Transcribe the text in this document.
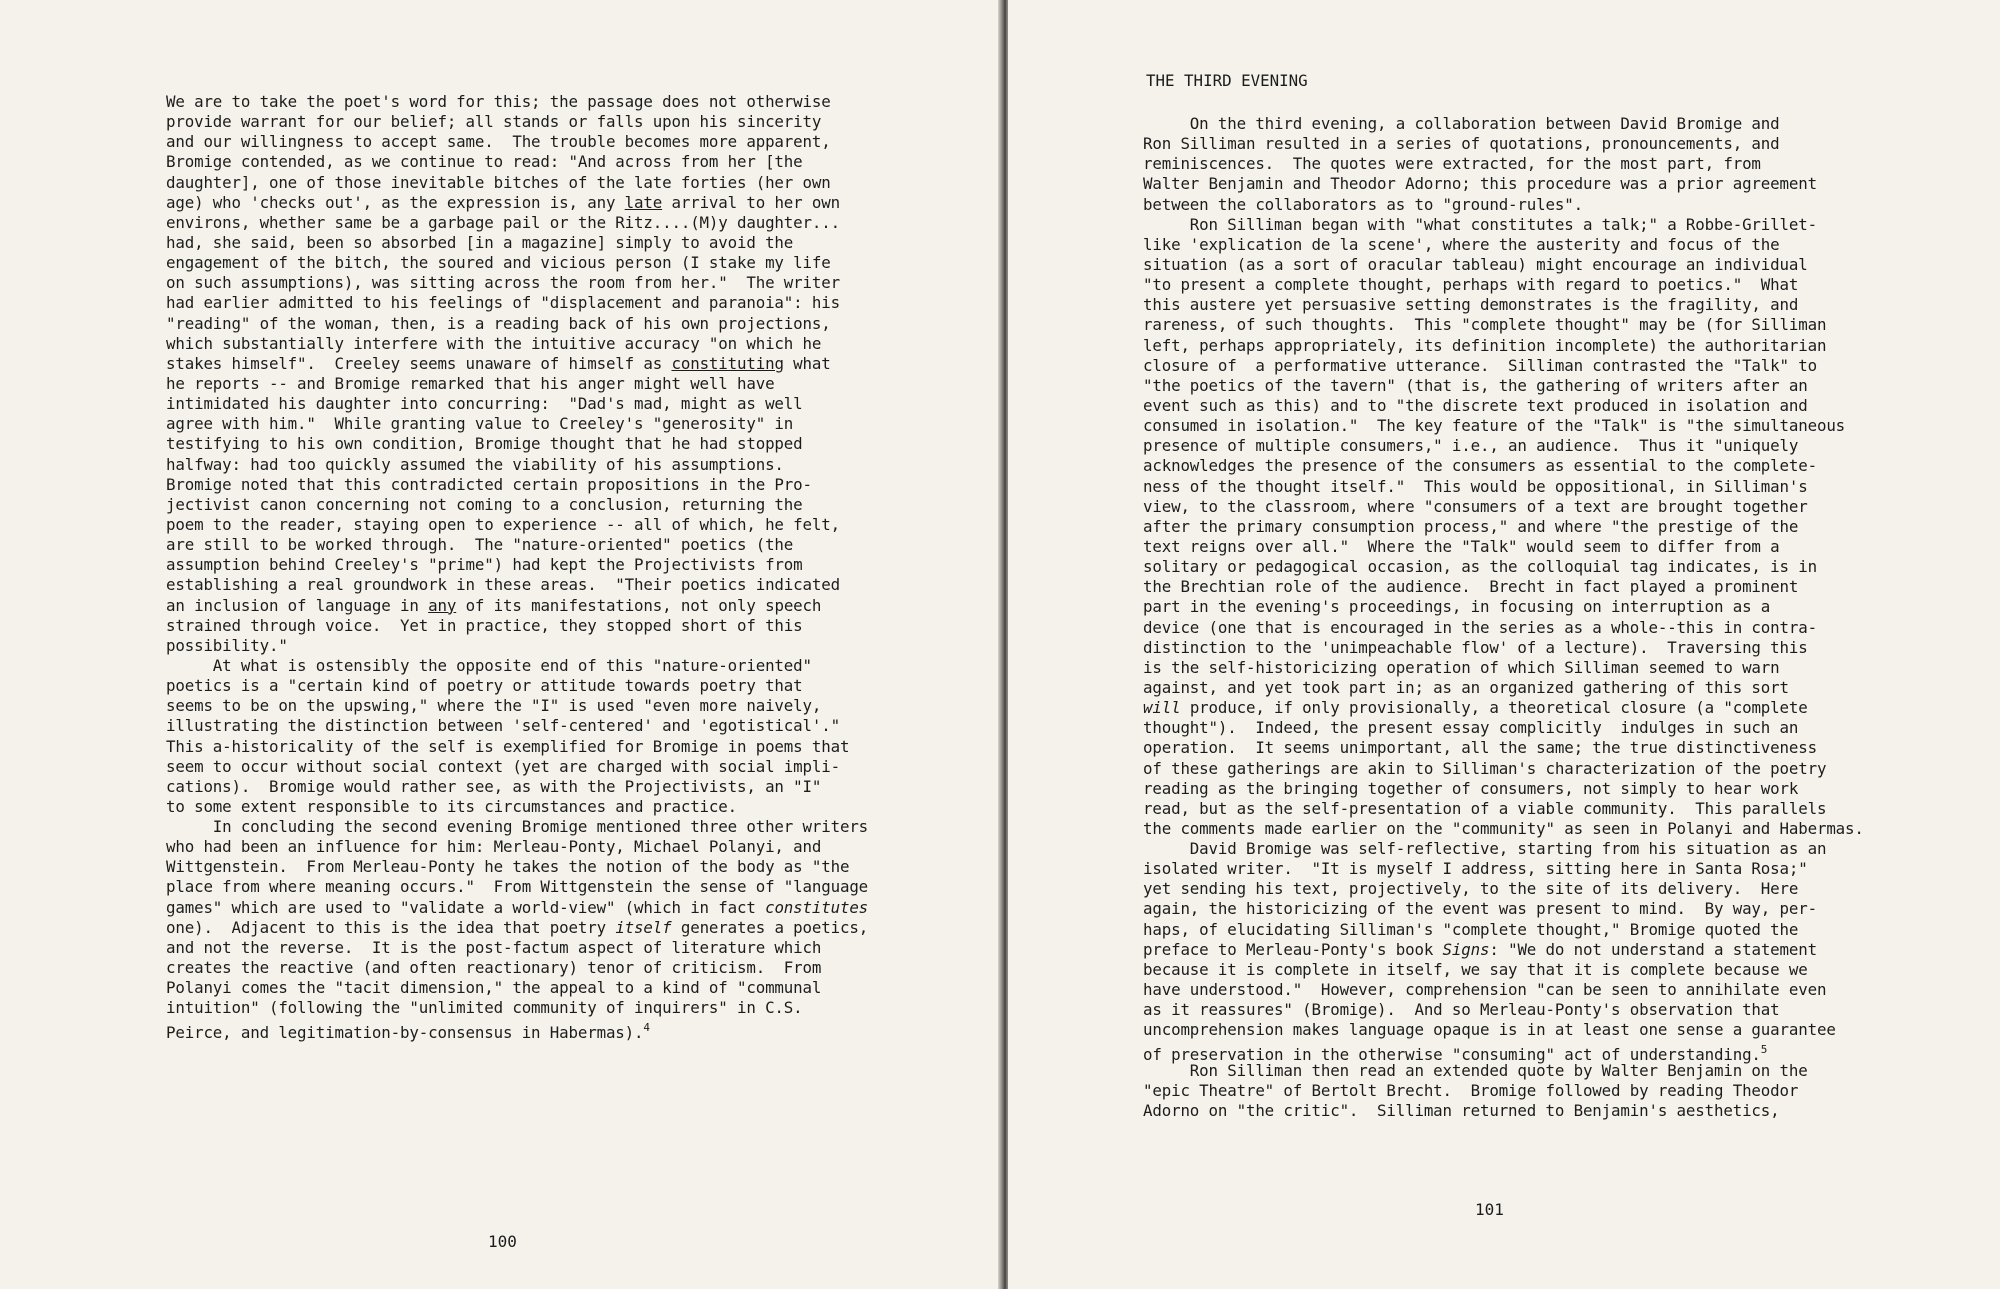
We are to take the poet's word for this; the passage does not otherwise
provide warrant for our belief; all stands or falls upon his sincerity
and our willingness to accept same.  The trouble becomes more apparent,
Bromige contended, as we continue to read: "And across from her [the
daughter], one of those inevitable bitches of the late forties (her own
age) who 'checks out', as the expression is, any late arrival to her own
environs, whether same be a garbage pail or the Ritz....(M)y daughter...
had, she said, been so absorbed [in a magazine] simply to avoid the
engagement of the bitch, the soured and vicious person (I stake my life
on such assumptions), was sitting across the room from her."  The writer
had earlier admitted to his feelings of "displacement and paranoia": his
"reading" of the woman, then, is a reading back of his own projections,
which substantially interfere with the intuitive accuracy "on which he
stakes himself".  Creeley seems unaware of himself as constituting what
he reports -- and Bromige remarked that his anger might well have
intimidated his daughter into concurring:  "Dad's mad, might as well
agree with him."  While granting value to Creeley's "generosity" in
testifying to his own condition, Bromige thought that he had stopped
halfway: had too quickly assumed the viability of his assumptions.
Bromige noted that this contradicted certain propositions in the Pro-
jectivist canon concerning not coming to a conclusion, returning the
poem to the reader, staying open to experience -- all of which, he felt,
are still to be worked through.  The "nature-oriented" poetics (the
assumption behind Creeley's "prime") had kept the Projectivists from
establishing a real groundwork in these areas.  "Their poetics indicated
an inclusion of language in any of its manifestations, not only speech
strained through voice.  Yet in practice, they stopped short of this
possibility."
At what is ostensibly the opposite end of this "nature-oriented"
poetics is a "certain kind of poetry or attitude towards poetry that
seems to be on the upswing," where the "I" is used "even more naively,
illustrating the distinction between 'self-centered' and 'egotistical'."
This a-historicality of the self is exemplified for Bromige in poems that
seem to occur without social context (yet are charged with social impli-
cations).  Bromige would rather see, as with the Projectivists, an "I"
to some extent responsible to its circumstances and practice.
In concluding the second evening Bromige mentioned three other writers
who had been an influence for him: Merleau-Ponty, Michael Polanyi, and
Wittgenstein.  From Merleau-Ponty he takes the notion of the body as "the
place from where meaning occurs."  From Wittgenstein the sense of "language
games" which are used to "validate a world-view" (which in fact constitutes
one).  Adjacent to this is the idea that poetry itself generates a poetics,
and not the reverse.  It is the post-factum aspect of literature which
creates the reactive (and often reactionary) tenor of criticism.  From
Polanyi comes the "tacit dimension," the appeal to a kind of "communal
intuition" (following the "unlimited community of inquirers" in C.S.
Peirce, and legitimation-by-consensus in Habermas).$^4$
100
THE THIRD EVENING
On the third evening, a collaboration between David Bromige and
Ron Silliman resulted in a series of quotations, pronouncements, and
reminiscences.  The quotes were extracted, for the most part, from
Walter Benjamin and Theodor Adorno; this procedure was a prior agreement
between the collaborators as to "ground-rules".
Ron Silliman began with "what constitutes a talk;" a Robbe-Grillet-
like 'explication de la scene', where the austerity and focus of the
situation (as a sort of oracular tableau) might encourage an individual
"to present a complete thought, perhaps with regard to poetics."  What
this austere yet persuasive setting demonstrates is the fragility, and
rareness, of such thoughts.  This "complete thought" may be (for Silliman
left, perhaps appropriately, its definition incomplete) the authoritarian
closure of  a performative utterance.  Silliman contrasted the "Talk" to
"the poetics of the tavern" (that is, the gathering of writers after an
event such as this) and to "the discrete text produced in isolation and
consumed in isolation."  The key feature of the "Talk" is "the simultaneous
presence of multiple consumers," i.e., an audience.  Thus it "uniquely
acknowledges the presence of the consumers as essential to the complete-
ness of the thought itself."  This would be oppositional, in Silliman's
view, to the classroom, where "consumers of a text are brought together
after the primary consumption process," and where "the prestige of the
text reigns over all."  Where the "Talk" would seem to differ from a
solitary or pedagogical occasion, as the colloquial tag indicates, is in
the Brechtian role of the audience.  Brecht in fact played a prominent
part in the evening's proceedings, in focusing on interruption as a
device (one that is encouraged in the series as a whole--this in contra-
distinction to the 'unimpeachable flow' of a lecture).  Traversing this
is the self-historicizing operation of which Silliman seemed to warn
against, and yet took part in; as an organized gathering of this sort
will produce, if only provisionally, a theoretical closure (a "complete
thought").  Indeed, the present essay complicitly  indulges in such an
operation.  It seems unimportant, all the same; the true distinctiveness
of these gatherings are akin to Silliman's characterization of the poetry
reading as the bringing together of consumers, not simply to hear work
read, but as the self-presentation of a viable community.  This parallels
the comments made earlier on the "community" as seen in Polanyi and Habermas.
David Bromige was self-reflective, starting from his situation as an
isolated writer.  "It is myself I address, sitting here in Santa Rosa;"
yet sending his text, projectively, to the site of its delivery.  Here
again, the historicizing of the event was present to mind.  By way, per-
haps, of elucidating Silliman's "complete thought," Bromige quoted the
preface to Merleau-Ponty's book Signs: "We do not understand a statement
because it is complete in itself, we say that it is complete because we
have understood."  However, comprehension "can be seen to annihilate even
as it reassures" (Bromige).  And so Merleau-Ponty's observation that
uncomprehension makes language opaque is in at least one sense a guarantee
of preservation in the otherwise "consuming" act of understanding.$^5$
Ron Silliman then read an extended quote by Walter Benjamin on the
"epic Theatre" of Bertolt Brecht.  Bromige followed by reading Theodor
Adorno on "the critic".  Silliman returned to Benjamin's aesthetics,
101
